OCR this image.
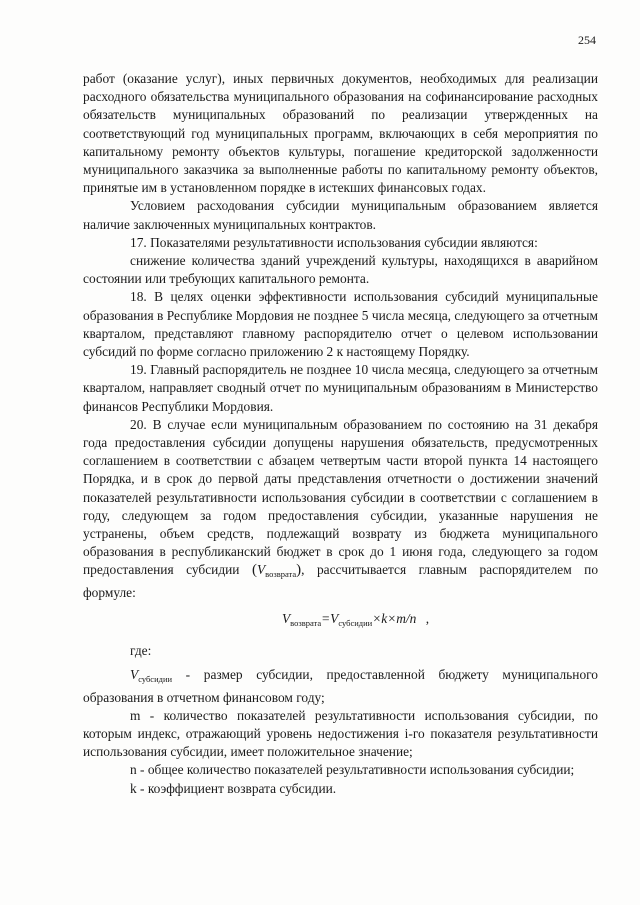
254

работ (оказание услуг), иных первичных документов, необходимых для реализации расходного обязательства муниципального образования на софинансирование расходных обязательств муниципальных образований по реализации утвержденных на соответствующий год муниципальных программ, включающих в себя мероприятия по капитальному ремонту объектов культуры, погашение кредиторской задолженности муниципального заказчика за выполненные работы по капитальному ремонту объектов, принятые им в установленном порядке в истекших финансовых годах.

Условием расходования субсидии муниципальным образованием является наличие заключенных муниципальных контрактов.

17. Показателями результативности использования субсидии являются:

снижение количества зданий учреждений культуры, находящихся в аварийном состоянии или требующих капитального ремонта.

18. В целях оценки эффективности использования субсидий муниципальные образования в Республике Мордовия не позднее 5 числа месяца, следующего за отчетным кварталом, представляют главному распорядителю отчет о целевом использовании субсидий по форме согласно приложению 2 к настоящему Порядку.

19. Главный распорядитель не позднее 10 числа месяца, следующего за отчетным кварталом, направляет сводный отчет по муниципальным образованиям в Министерство финансов Республики Мордовия.

20. В случае если муниципальным образованием по состоянию на 31 декабря года предоставления субсидии допущены нарушения обязательств, предусмотренных соглашением в соответствии с абзацем четвертым части второй пункта 14 настоящего Порядка, и в срок до первой даты представления отчетности о достижении значений показателей результативности использования субсидии в соответствии с соглашением в году, следующем за годом предоставления субсидии, указанные нарушения не устранены, объем средств, подлежащий возврату из бюджета муниципального образования в республиканский бюджет в срок до 1 июня года, следующего за годом предоставления субсидии $(V_{возврата})$, рассчитывается главным распорядителем по формуле:

$V_{возврата}=V_{субсидии}\times k\times m/n$ ,

где:

$V_{субсидии}$ - размер субсидии, предоставленной бюджету муниципального образования в отчетном финансовом году;

m - количество показателей результативности использования субсидии, по которым индекс, отражающий уровень недостижения i-го показателя результативности использования субсидии, имеет положительное значение;

n - общее количество показателей результативности использования субсидии;

k - коэффициент возврата субсидии.
